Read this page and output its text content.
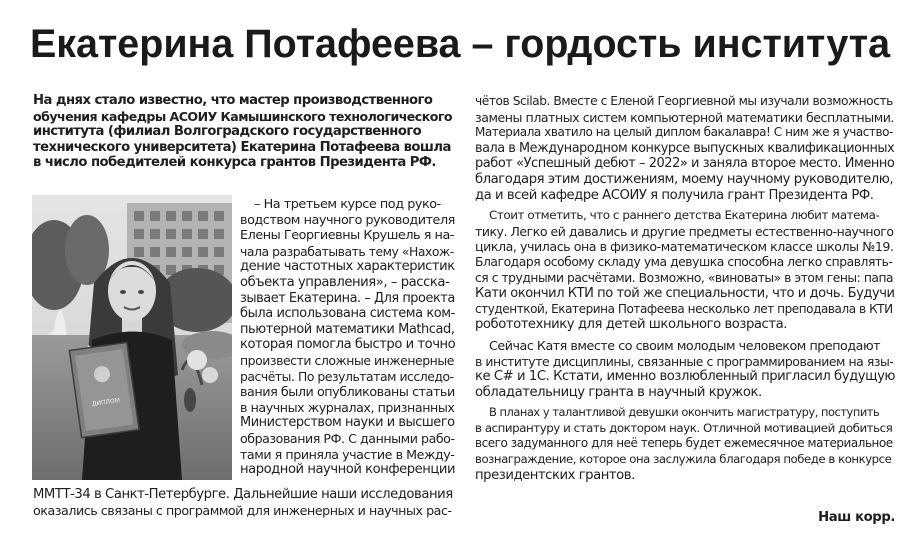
Екатерина Потафеева – гордость института
На днях стало известно, что мастер производственного
обучения кафедры АСОИУ Камышинского технологического
института (филиал Волгоградского государственного
технического университета) Екатерина Потафеева вошла
в число победителей конкурса грантов Президента РФ.
ДИПЛОМ
– На третьем курсе под руко-
водством научного руководителя
Елены Георгиевны Крушель я на-
чала разрабатывать тему «Нахож-
дение частотных характеристик
объекта управления», – расска-
зывает Екатерина. – Для проекта
была использована система ком-
пьютерной математики Mathcad,
которая помогла быстро и точно
произвести сложные инженерные
расчёты. По результатам исследо-
вания были опубликованы статьи
в научных журналах, признанных
Министерством науки и высшего
образования РФ. С данными рабо-
тами я приняла участие в Между-
народной научной конференции
ММТТ-34 в Санкт-Петербурге. Дальнейшие наши исследования
оказались связаны с программой для инженерных и научных рас-
чётов Scilab. Вместе с Еленой Георгиевной мы изучали возможность
замены платных систем компьютерной математики бесплатными.
Материала хватило на целый диплом бакалавра! С ним же я участво-
вала в Международном конкурсе выпускных квалификационных
работ «Успешный дебют – 2022» и заняла второе место. Именно
благодаря этим достижениям, моему научному руководителю,
да и всей кафедре АСОИУ я получила грант Президента РФ.
Стоит отметить, что с раннего детства Екатерина любит матема-
тику. Легко ей давались и другие предметы естественно-научного
цикла, училась она в физико-математическом классе школы №19.
Благодаря особому складу ума девушка способна легко справлять-
ся с трудными расчётами. Возможно, «виноваты» в этом гены: папа
Кати окончил КТИ по той же специальности, что и дочь. Будучи
студенткой, Екатерина Потафеева несколько лет преподавала в КТИ
робототехнику для детей школьного возраста.
Сейчас Катя вместе со своим молодым человеком преподают
в институте дисциплины, связанные с программированием на язы-
ке C# и 1С. Кстати, именно возлюбленный пригласил будущую
обладательницу гранта в научный кружок.
В планах у талантливой девушки окончить магистратуру, поступить
в аспирантуру и стать доктором наук. Отличной мотивацией добиться
всего задуманного для неё теперь будет ежемесячное материальное
вознаграждение, которое она заслужила благодаря победе в конкурсе
президентских грантов.
Наш корр.
